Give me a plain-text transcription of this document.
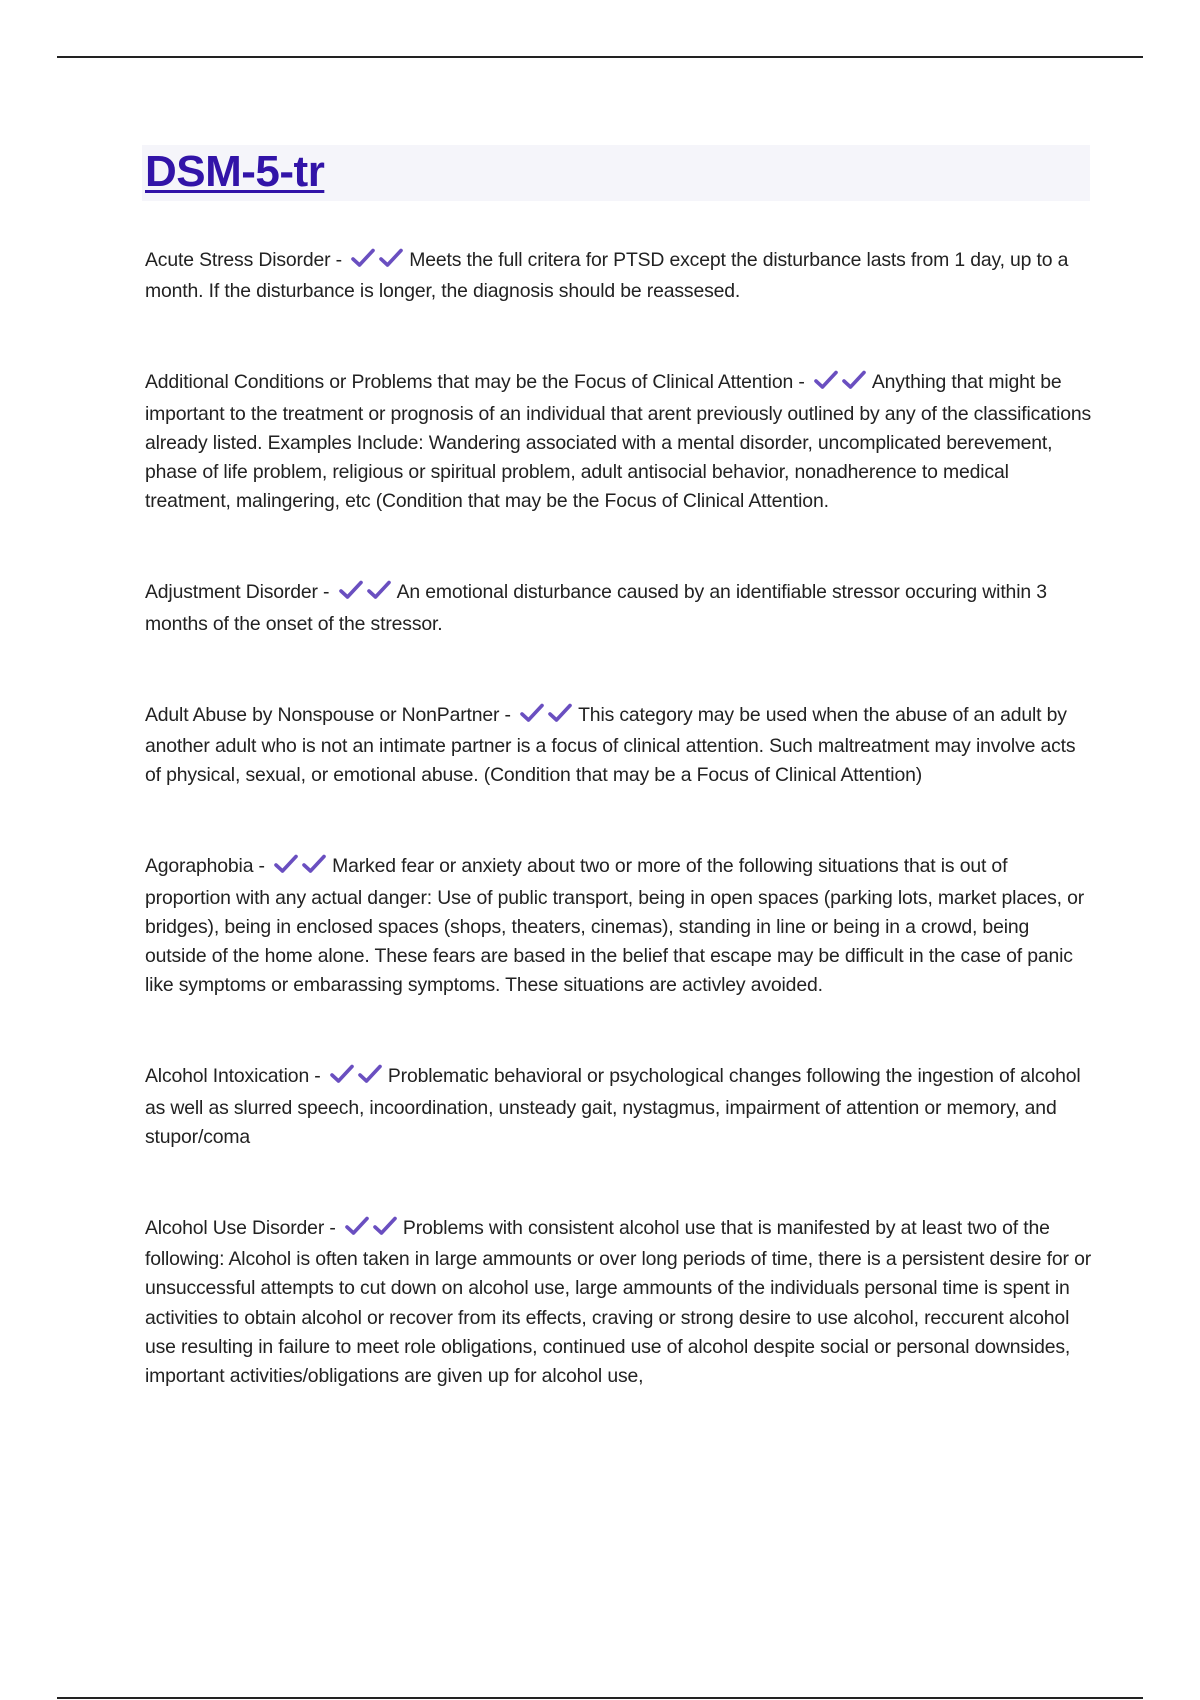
DSM-5-tr

Acute Stress Disorder -	Meets the full critera for PTSD except the disturbance lasts from 1 day, up to a month. If the disturbance is longer, the diagnosis should be reassesed.

Additional Conditions or Problems that may be the Focus of Clinical Attention -	Anything that might be important to the treatment or prognosis of an individual that arent previously outlined by any of the classifications already listed. Examples Include: Wandering associated with a mental disorder, uncomplicated berevement, phase of life problem, religious or spiritual problem, adult antisocial behavior, nonadherence to medical treatment, malingering, etc (Condition that may be the Focus of Clinical Attention.

Adjustment Disorder -	An emotional disturbance caused by an identifiable stressor occuring within 3 months of the onset of the stressor.

Adult Abuse by Nonspouse or NonPartner -	This category may be used when the abuse of an adult by another adult who is not an intimate partner is a focus of clinical attention. Such maltreatment may involve acts of physical, sexual, or emotional abuse. (Condition that may be a Focus of Clinical Attention)

Agoraphobia -	Marked fear or anxiety about two or more of the following situations that is out of proportion with any actual danger: Use of public transport, being in open spaces (parking lots, market places, or bridges), being in enclosed spaces (shops, theaters, cinemas), standing in line or being in a crowd, being outside of the home alone. These fears are based in the belief that escape may be difficult in the case of panic like symptoms or embarassing symptoms. These situations are activley avoided.

Alcohol Intoxication -	Problematic behavioral or psychological changes following the ingestion of alcohol as well as slurred speech, incoordination, unsteady gait, nystagmus, impairment of attention or memory, and stupor/coma

Alcohol Use Disorder -	Problems with consistent alcohol use that is manifested by at least two of the following: Alcohol is often taken in large ammounts or over long periods of time, there is a persistent desire for or unsuccessful attempts to cut down on alcohol use, large ammounts of the individuals personal time is spent in activities to obtain alcohol or recover from its effects, craving or strong desire to use alcohol, reccurent alcohol use resulting in failure to meet role obligations, continued use of alcohol despite social or personal downsides, important activities/obligations are given up for alcohol use,
